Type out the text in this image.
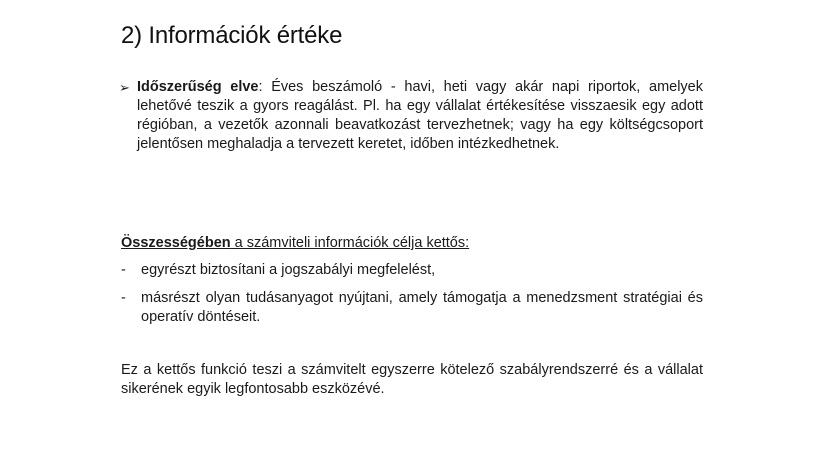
2) Információk értéke
➢ Időszerűség elve: Éves beszámoló - havi, heti vagy akár napi riportok, amelyek lehetővé teszik a gyors reagálást. Pl. ha egy vállalat értékesítése visszaesik egy adott régióban, a vezetők azonnali beavatkozást tervezhetnek; vagy ha egy költségcsoport jelentősen meghaladja a tervezett keretet, időben intézkedhetnek.
Összességében a számviteli információk célja kettős:
-	egyrészt biztosítani a jogszabályi megfelelést,
-	másrészt olyan tudásanyagot nyújtani, amely támogatja a menedzsment stratégiai és operatív döntéseit.
Ez a kettős funkció teszi a számvitelt egyszerre kötelező szabályrendszerré és a vállalat sikerének egyik legfontosabb eszközévé.
